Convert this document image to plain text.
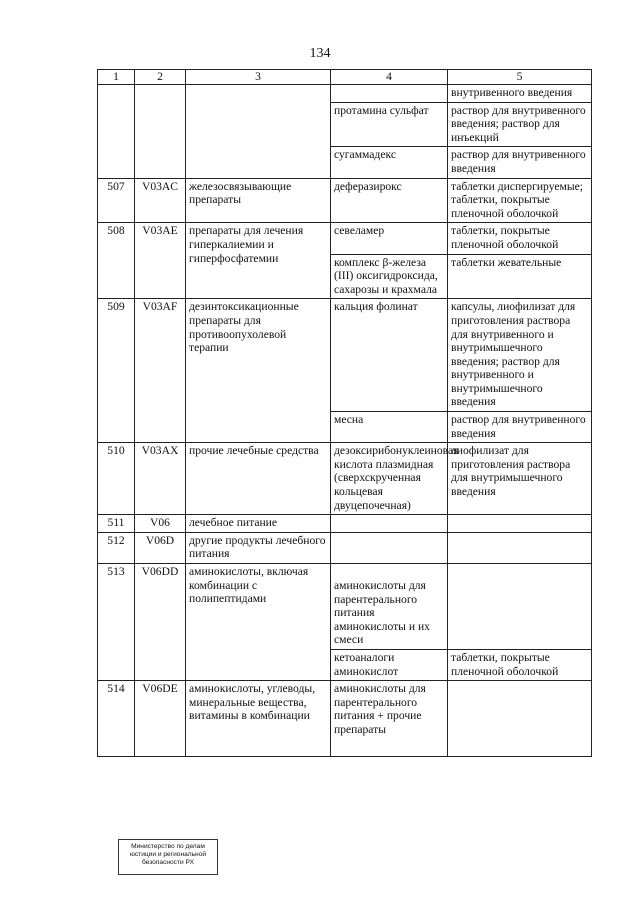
134
1	2	3	4	5
				внутривенного введения
			протамина сульфат	раствор для внутривенного введения; раствор для инъекций
			сугаммадекс	раствор для внутривенного введения
507	V03AC	железосвязывающие препараты	деферазирокс	таблетки диспергируемые; таблетки, покрытые пленочной оболочкой
508	V03AE	препараты для лечения гиперкалиемии и гиперфосфатемии	севеламер	таблетки, покрытые пленочной оболочкой
			комплекс β-железа (III) оксигидроксида, сахарозы и крахмала	таблетки жевательные
509	V03AF	дезинтоксикационные препараты для противоопухолевой терапии	кальция фолинат	капсулы, лиофилизат для приготовления раствора для внутривенного и внутримышечного введения; раствор для внутривенного и внутримышечного введения
			месна	раствор для внутривенного введения
510	V03AX	прочие лечебные средства	дезоксирибонуклеиновая кислота плазмидная (сверхскрученная кольцевая двуцепочечная)	лиофилизат для приготовления раствора для внутримышечного введения
511	V06	лечебное питание		
512	V06D	другие продукты лечебного питания		
513	V06DD	аминокислоты, включая комбинации с полипептидами	аминокислоты для парентерального питания аминокислоты и их смеси	
			кетоаналоги аминокислот	таблетки, покрытые пленочной оболочкой
514	V06DE	аминокислоты, углеводы, минеральные вещества, витамины в комбинации	аминокислоты для парентерального питания + прочие препараты	
Министерство по делам
юстиции и региональной
безопасности РХ
